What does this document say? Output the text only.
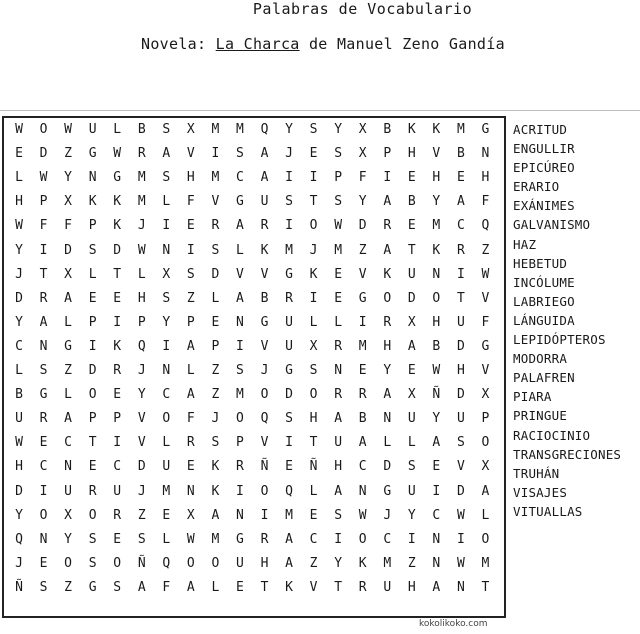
Palabras de Vocabulario
Novela: La Charca de Manuel Zeno Gandía
W	O	W	U	L	B	S	X	M	M	Q	Y	S	Y	X	B	K	K	M	G
E	D	Z	G	W	R	A	V	I	S	A	J	E	S	X	P	H	V	B	N
L	W	Y	N	G	M	S	H	M	C	A	I	I	P	F	I	E	H	E	H
H	P	X	K	K	M	L	F	V	G	U	S	T	S	Y	A	B	Y	A	F
W	F	F	P	K	J	I	E	R	A	R	I	O	W	D	R	E	M	C	Q
Y	I	D	S	D	W	N	I	S	L	K	M	J	M	Z	A	T	K	R	Z
J	T	X	L	T	L	X	S	D	V	V	G	K	E	V	K	U	N	I	W
D	R	A	E	E	H	S	Z	L	A	B	R	I	E	G	O	D	O	T	V
Y	A	L	P	I	P	Y	P	E	N	G	U	L	L	I	R	X	H	U	F
C	N	G	I	K	Q	I	A	P	I	V	U	X	R	M	H	A	B	D	G
L	S	Z	D	R	J	N	L	Z	S	J	G	S	N	E	Y	E	W	H	V
B	G	L	O	E	Y	C	A	Z	M	O	D	O	R	R	A	X	Ñ	D	X
U	R	A	P	P	V	O	F	J	O	Q	S	H	A	B	N	U	Y	U	P
W	E	C	T	I	V	L	R	S	P	V	I	T	U	A	L	L	A	S	O
H	C	N	E	C	D	U	E	K	R	Ñ	E	Ñ	H	C	D	S	E	V	X
D	I	U	R	U	J	M	N	K	I	O	Q	L	A	N	G	U	I	D	A
Y	O	X	O	R	Z	E	X	A	N	I	M	E	S	W	J	Y	C	W	L
Q	N	Y	S	E	S	L	W	M	G	R	A	C	I	O	C	I	N	I	O
J	E	O	S	O	Ñ	Q	O	O	U	H	A	Z	Y	K	M	Z	N	W	M
Ñ	S	Z	G	S	A	F	A	L	E	T	K	V	T	R	U	H	A	N	T
ACRITUD
ENGULLIR
EPICÚREO
ERARIO
EXÁNIMES
GALVANISMO
HAZ
HEBETUD
INCÓLUME
LABRIEGO
LÁNGUIDA
LEPIDÓPTEROS
MODORRA
PALAFREN
PIARA
PRINGUE
RACIOCINIO
TRANSGRECIONES
TRUHÁN
VISAJES
VITUALLAS
kokolikoko.com
